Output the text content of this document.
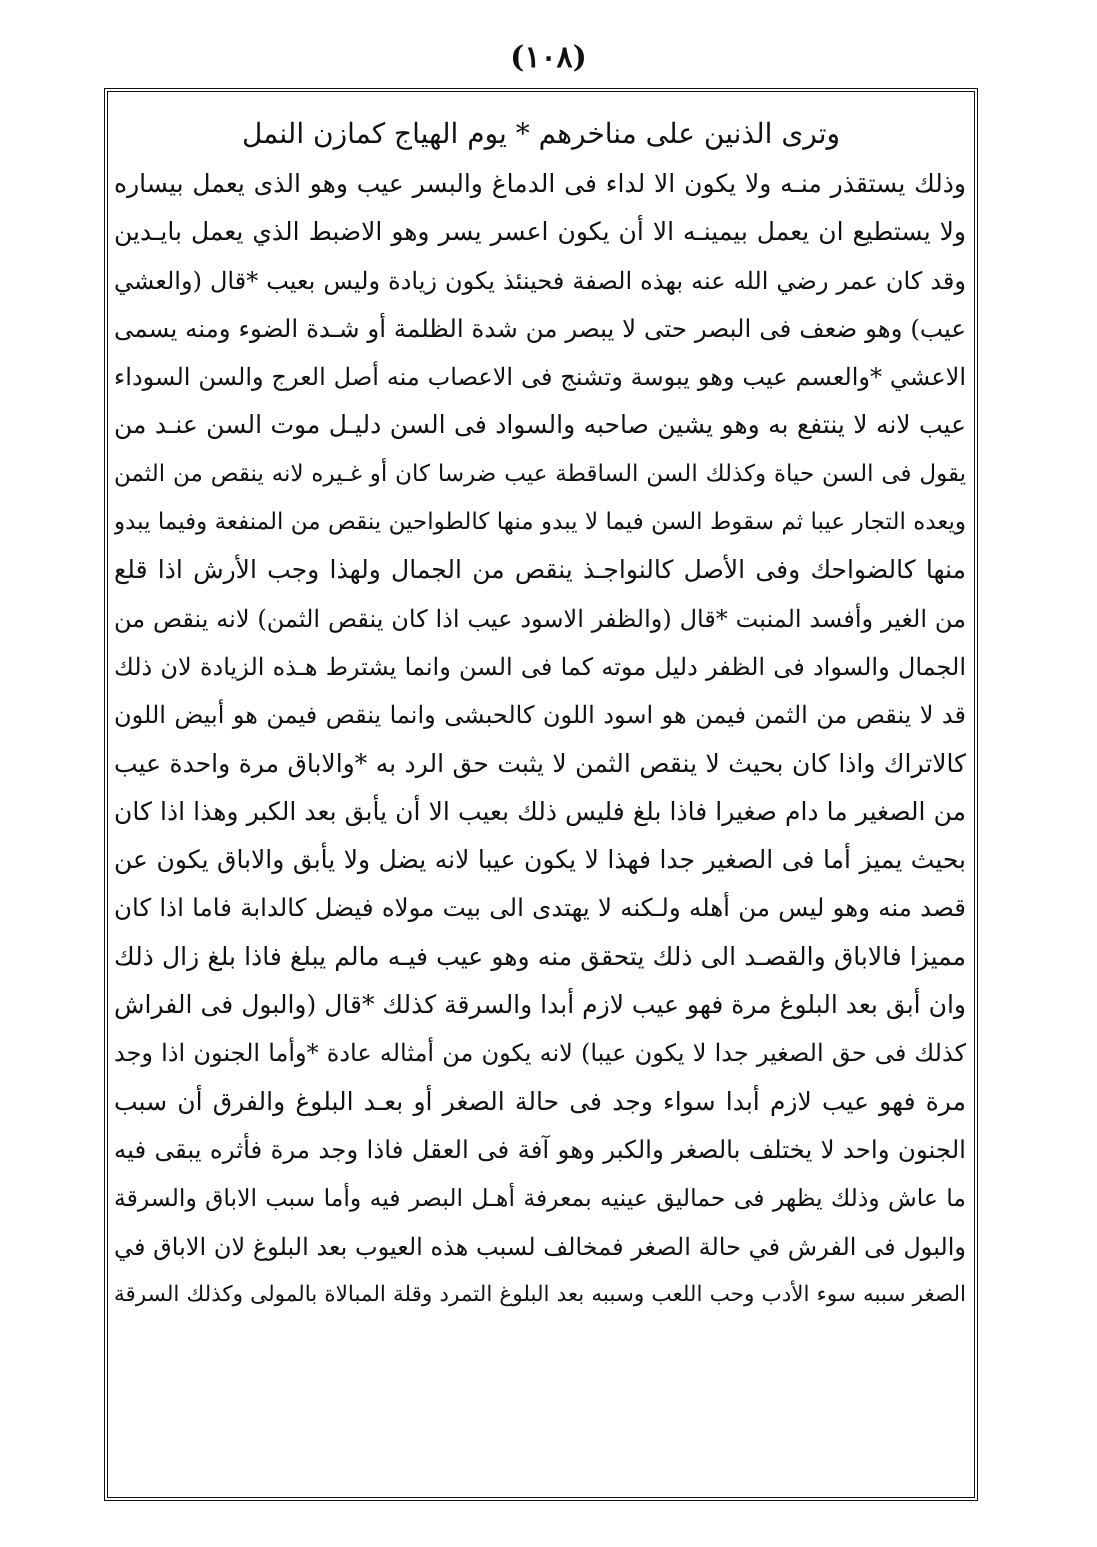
(١٠٨)
وترى الذنين على مناخرهم * يوم الهياج كمازن النمل
وذلك يستقذر منـه ولا يكون الا لداء فى الدماغ والبسر عيب وهو الذى يعمل بيساره
ولا يستطيع ان يعمل بيمينـه الا أن يكون اعسر يسر وهو الاضبط الذي يعمل بايـدين
وقد كان عمر رضي الله عنه بهذه الصفة فحينئذ يكون زيادة وليس بعيب *قال (والعشي
عيب) وهو ضعف فى البصر حتى لا يبصر من شدة الظلمة أو شـدة الضوء ومنه يسمى
الاعشي *والعسم عيب وهو يبوسة وتشنج فى الاعصاب منه أصل العرج والسن السوداء
عيب لانه لا ينتفع به وهو يشين صاحبه والسواد فى السن دليـل موت السن عنـد من
يقول فى السن حياة وكذلك السن الساقطة عيب ضرسا كان أو غـيره لانه ينقص من الثمن
ويعده التجار عيبا ثم سقوط السن فيما لا يبدو منها كالطواحين ينقص من المنفعة وفيما يبدو
منها كالضواحك وفى الأصل كالنواجـذ ينقص من الجمال ولهذا وجب الأرش اذا قلع
من الغير وأفسد المنبت *قال (والظفر الاسود عيب اذا كان ينقص الثمن) لانه ينقص من
الجمال والسواد فى الظفر دليل موته كما فى السن وانما يشترط هـذه الزيادة لان ذلك
قد لا ينقص من الثمن فيمن هو اسود اللون كالحبشى وانما ينقص فيمن هو أبيض اللون
كالاتراك واذا كان بحيث لا ينقص الثمن لا يثبت حق الرد به *والاباق مرة واحدة عيب
من الصغير ما دام صغيرا فاذا بلغ فليس ذلك بعيب الا أن يأبق بعد الكبر وهذا اذا كان
بحيث يميز أما فى الصغير جدا فهذا لا يكون عيبا لانه يضل ولا يأبق والاباق يكون عن
قصد منه وهو ليس من أهله ولـكنه لا يهتدى الى بيت مولاه فيضل كالدابة فاما اذا كان
مميزا فالاباق والقصـد الى ذلك يتحقق منه وهو عيب فيـه مالم يبلغ فاذا بلغ زال ذلك
وان أبق بعد البلوغ مرة فهو عيب لازم أبدا والسرقة كذلك *قال (والبول فى الفراش
كذلك فى حق الصغير جدا لا يكون عيبا) لانه يكون من أمثاله عادة *وأما الجنون اذا وجد
مرة فهو عيب لازم أبدا سواء وجد فى حالة الصغر أو بعـد البلوغ والفرق أن سبب
الجنون واحد لا يختلف بالصغر والكبر وهو آفة فى العقل فاذا وجد مرة فأثره يبقى فيه
ما عاش وذلك يظهر فى حماليق عينيه بمعرفة أهـل البصر فيه وأما سبب الاباق والسرقة
والبول فى الفرش في حالة الصغر فمخالف لسبب هذه العيوب بعد البلوغ لان الاباق في
الصغر سببه سوء الأدب وحب اللعب وسببه بعد البلوغ التمرد وقلة المبالاة بالمولى وكذلك السرقة
